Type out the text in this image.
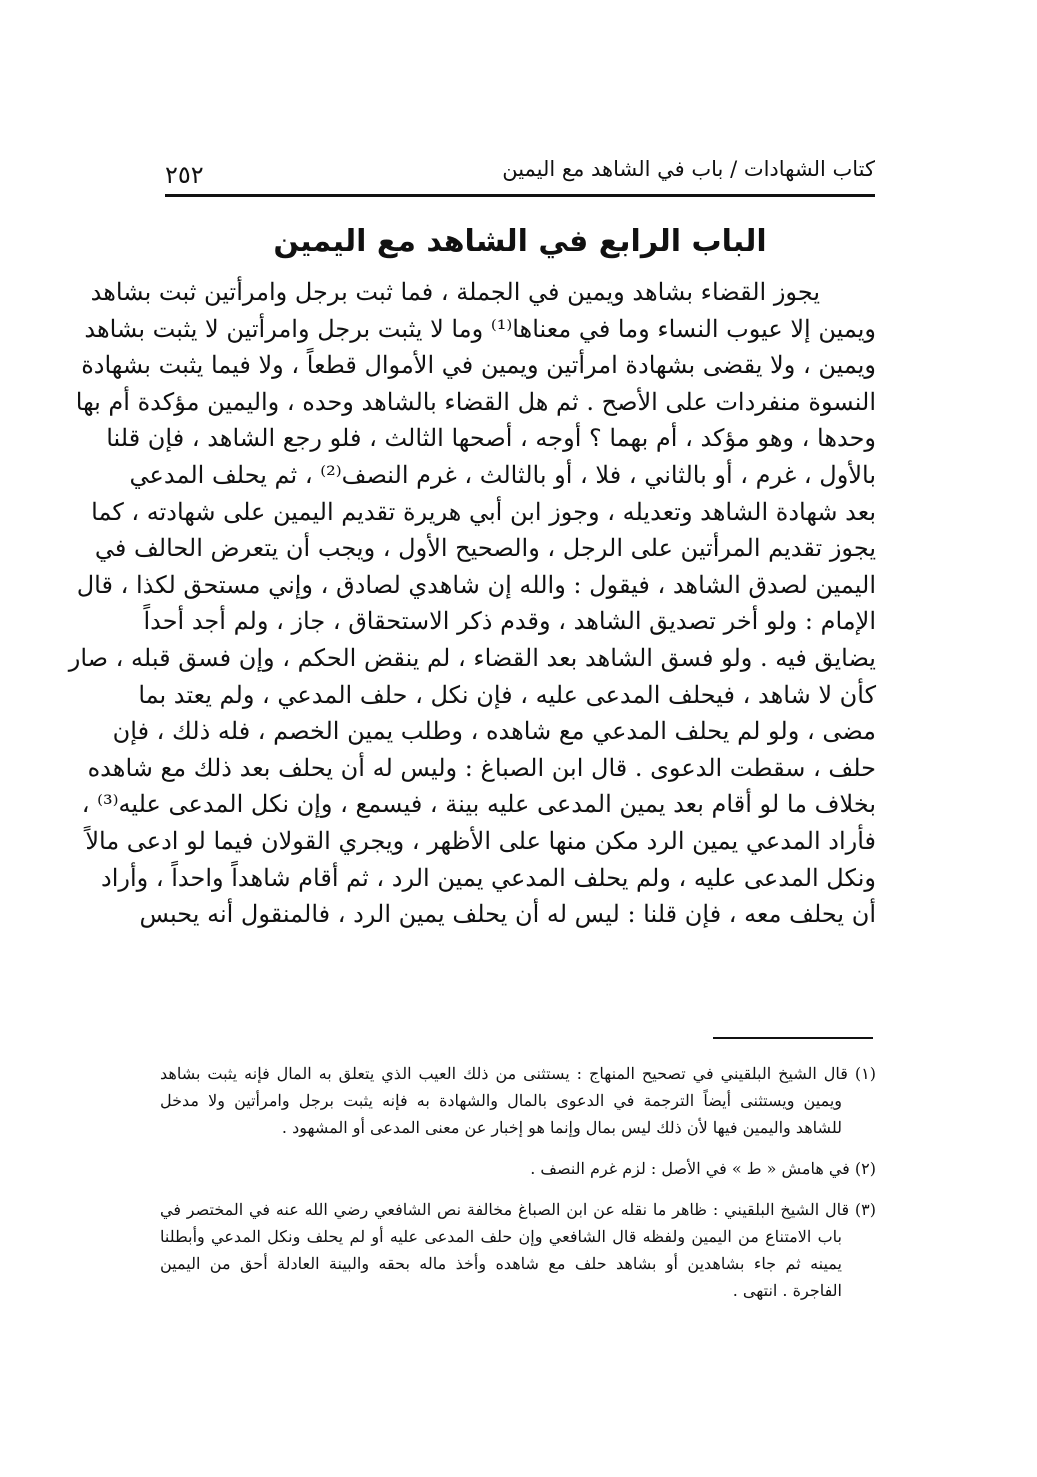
كتاب الشهادات / باب في الشاهد مع اليمين
٢٥٢
الباب الرابع في الشاهد مع اليمين
يجوز القضاء بشاهد ويمين في الجملة ، فما ثبت برجل وامرأتين ثبت بشاهد
ويمين إلا عيوب النساء وما في معناها⁽¹⁾ وما لا يثبت برجل وامرأتين لا يثبت بشاهد
ويمين ، ولا يقضى بشهادة امرأتين ويمين في الأموال قطعاً ، ولا فيما يثبت بشهادة
النسوة منفردات على الأصح . ثم هل القضاء بالشاهد وحده ، واليمين مؤكدة أم بها
وحدها ، وهو مؤكد ، أم بهما ؟ أوجه ، أصحها الثالث ، فلو رجع الشاهد ، فإن قلنا
بالأول ، غرم ، أو بالثاني ، فلا ، أو بالثالث ، غرم النصف⁽²⁾ ، ثم يحلف المدعي
بعد شهادة الشاهد وتعديله ، وجوز ابن أبي هريرة تقديم اليمين على شهادته ، كما
يجوز تقديم المرأتين على الرجل ، والصحيح الأول ، ويجب أن يتعرض الحالف في
اليمين لصدق الشاهد ، فيقول : والله إن شاهدي لصادق ، وإني مستحق لكذا ، قال
الإمام : ولو أخر تصديق الشاهد ، وقدم ذكر الاستحقاق ، جاز ، ولم أجد أحداً
يضايق فيه . ولو فسق الشاهد بعد القضاء ، لم ينقض الحكم ، وإن فسق قبله ، صار
كأن لا شاهد ، فيحلف المدعى عليه ، فإن نكل ، حلف المدعي ، ولم يعتد بما
مضى ، ولو لم يحلف المدعي مع شاهده ، وطلب يمين الخصم ، فله ذلك ، فإن
حلف ، سقطت الدعوى . قال ابن الصباغ : وليس له أن يحلف بعد ذلك مع شاهده
بخلاف ما لو أقام بعد يمين المدعى عليه بينة ، فيسمع ، وإن نكل المدعى عليه⁽³⁾ ،
فأراد المدعي يمين الرد مكن منها على الأظهر ، ويجري القولان فيما لو ادعى مالاً
ونكل المدعى عليه ، ولم يحلف المدعي يمين الرد ، ثم أقام شاهداً واحداً ، وأراد
أن يحلف معه ، فإن قلنا : ليس له أن يحلف يمين الرد ، فالمنقول أنه يحبس
(١) قال الشيخ البلقيني في تصحيح المنهاج : يستثنى من ذلك العيب الذي يتعلق به المال فإنه يثبت بشاهد
ويمين ويستثنى أيضاً الترجمة في الدعوى بالمال والشهادة به فإنه يثبت برجل وامرأتين ولا مدخل
للشاهد واليمين فيها لأن ذلك ليس بمال وإنما هو إخبار عن معنى المدعى أو المشهود .
(٢) في هامش « ط » في الأصل : لزم غرم النصف .
(٣) قال الشيخ البلقيني : ظاهر ما نقله عن ابن الصباغ مخالفة نص الشافعي رضي الله عنه في المختصر في
باب الامتناع من اليمين ولفظه قال الشافعي وإن حلف المدعى عليه أو لم يحلف ونكل المدعي وأبطلنا
يمينه ثم جاء بشاهدين أو بشاهد حلف مع شاهده وأخذ ماله بحقه والبينة العادلة أحق من اليمين
الفاجرة . انتهى .
